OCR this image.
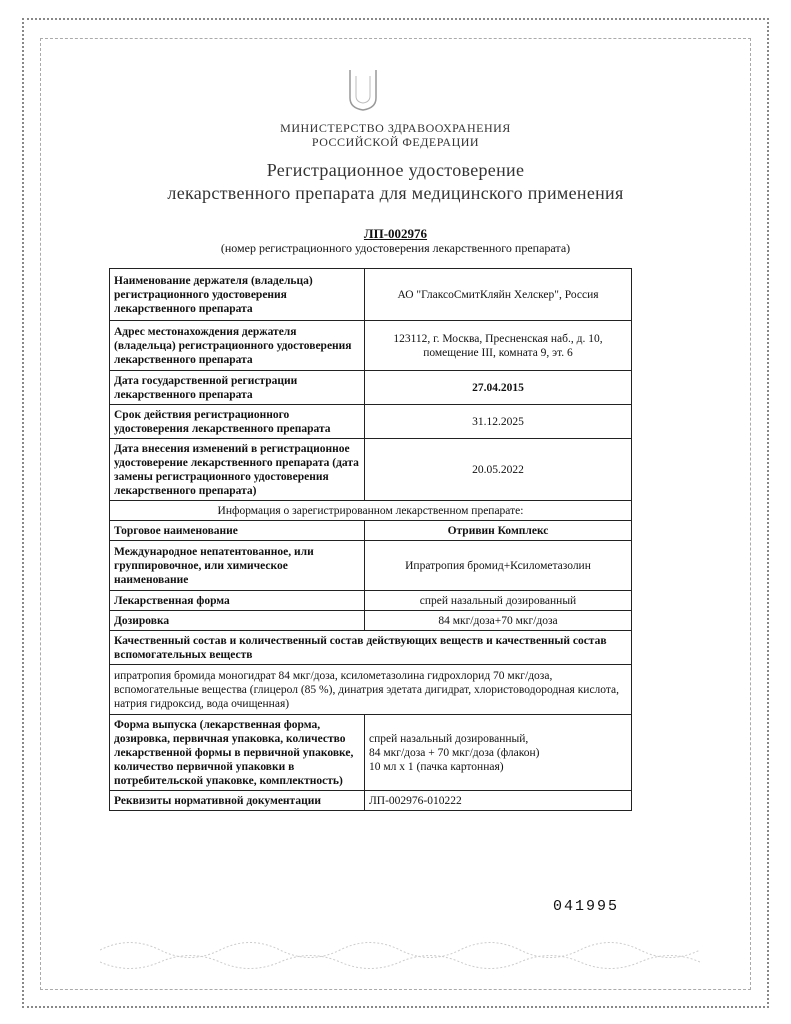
МИНИСТЕРСТВО ЗДРАВООХРАНЕНИЯ
РОССИЙСКОЙ ФЕДЕРАЦИИ
Регистрационное удостоверение
лекарственного препарата для медицинского применения
ЛП-002976
(номер регистрационного удостоверения лекарственного препарата)
Наименование держателя (владельца) регистрационного удостоверения лекарственного препарата	АО "ГлаксоСмитКляйн Хелскер", Россия
Адрес местонахождения держателя (владельца) регистрационного удостоверения лекарственного препарата	123112, г. Москва, Пресненская наб., д. 10,
помещение III, комната 9, эт. 6

Дата государственной регистрации лекарственного препарата	27.04.2015
Срок действия регистрационного удостоверения лекарственного препарата	31.12.2025
Дата внесения изменений в регистрационное удостоверение лекарственного препарата (дата замены регистрационного удостоверения лекарственного препарата)	20.05.2022
Информация о зарегистрированном лекарственном препарате:	
Торговое наименование	Отривин Комплекс
Международное непатентованное, или группировочное, или химическое наименование	Ипратропия бромид+Ксилометазолин
Лекарственная форма	спрей назальный дозированный
Дозировка	84 мкг/доза+70 мкг/доза
Качественный состав и количественный состав действующих веществ и качественный состав вспомогательных веществ	
ипратропия бромида моногидрат 84 мкг/доза, ксилометазолина гидрохлорид 70 мкг/доза, вспомогательные вещества (глицерол (85 %), динатрия эдетата дигидрат, хлористоводородная кислота, натрия гидроксид, вода очищенная)	
Форма выпуска (лекарственная форма, дозировка, первичная упаковка, количество лекарственной формы в первичной упаковке, количество первичной упаковки в потребительской упаковке, комплектность)	спрей назальный дозированный,
84 мкг/доза + 70 мкг/доза (флакон)
10 мл х 1 (пачка картонная)

Реквизиты нормативной документации	ЛП-002976-010222
041995
